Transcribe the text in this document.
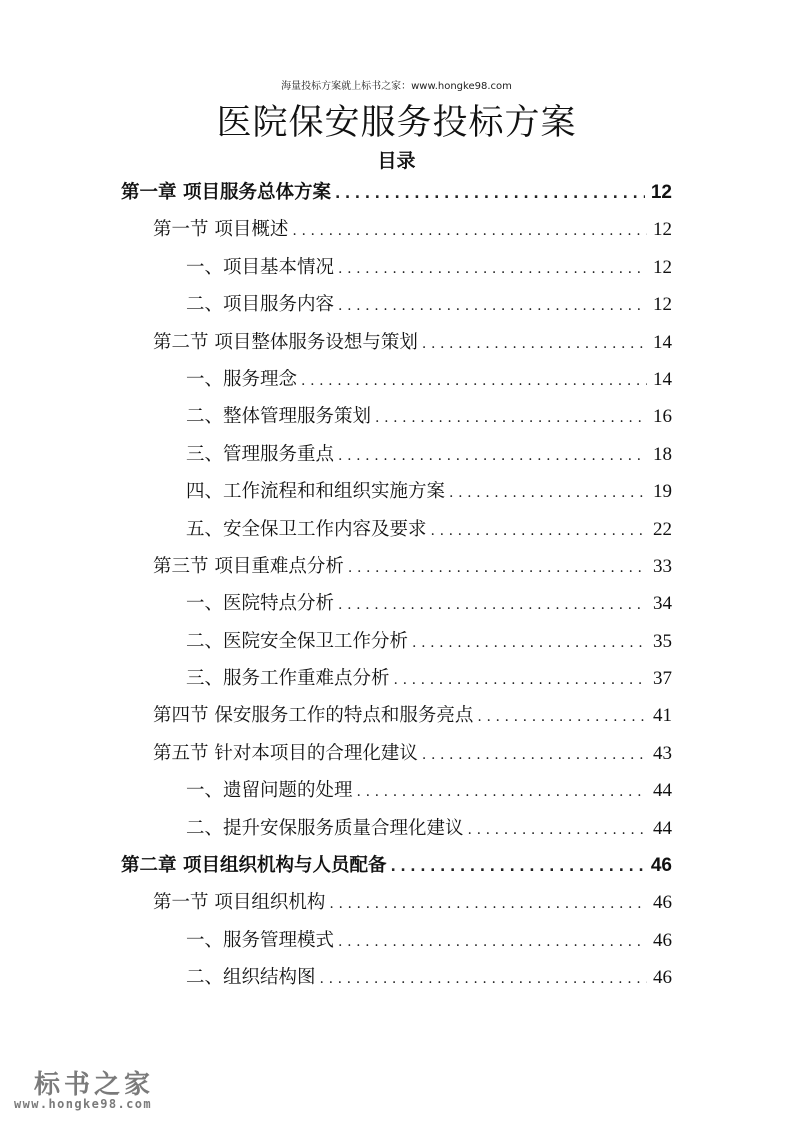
海量投标方案就上标书之家：www.hongke98.com
医院保安服务投标方案
目录
第一章 项目服务总体方案 .....	12
第一节 项目概述 .....	12
一、项目基本情况 .....	12
二、项目服务内容 .....	12
第二节 项目整体服务设想与策划 .....	14
一、服务理念 .....	14
二、整体管理服务策划 .....	16
三、管理服务重点 .....	18
四、工作流程和和组织实施方案 .....	19
五、安全保卫工作内容及要求 .....	22
第三节 项目重难点分析 .....	33
一、医院特点分析 .....	34
二、医院安全保卫工作分析 .....	35
三、服务工作重难点分析 .....	37
第四节 保安服务工作的特点和服务亮点 .....	41
第五节 针对本项目的合理化建议 .....	43
一、遗留问题的处理 .....	44
二、提升安保服务质量合理化建议 .....	44
第二章 项目组织机构与人员配备 .....	46
第一节 项目组织机构 .....	46
一、服务管理模式 .....	46
二、组织结构图 .....	46
标书之家
www.hongke98.com
